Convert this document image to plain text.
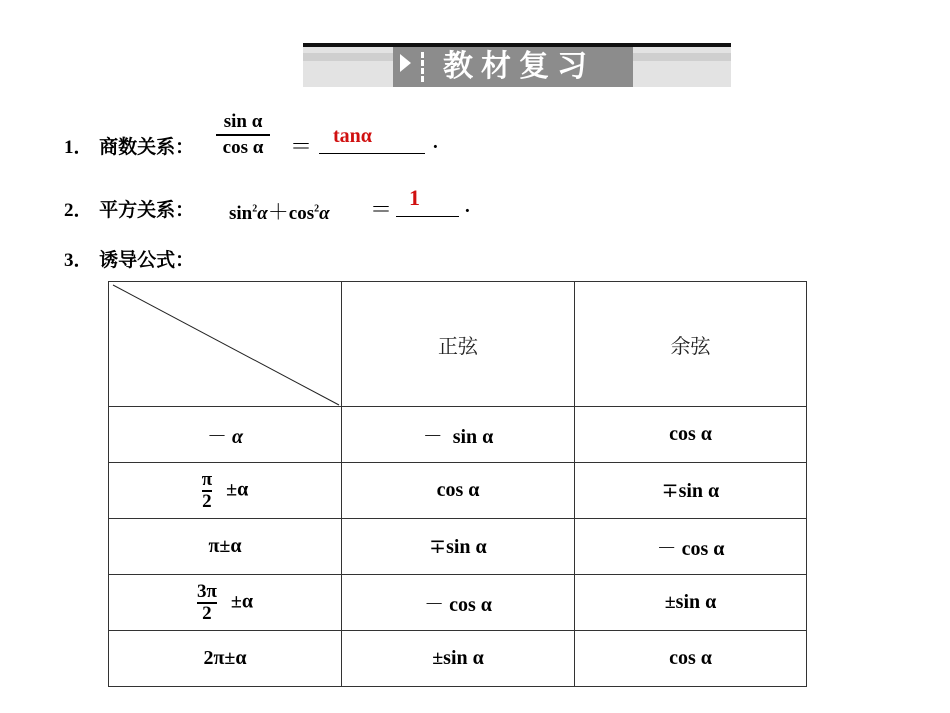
教材复习
1． 商数关系：
sin α
cos α	＝ tanα	.
2． 平方关系： $\sin^2\alpha+\cos^2\alpha$ ＝
1 .
3． 诱导公式：
	正弦	余弦
－ α	－ sin α	cos α

$\frac{\pi}{2} \pm\alpha$	cos α	∓sin α
π±α	∓sin α	－ cos α

$\frac{3\pi}{2} \pm\alpha$	－ cos α	±sin α
2π±α	±sin α	cos α
